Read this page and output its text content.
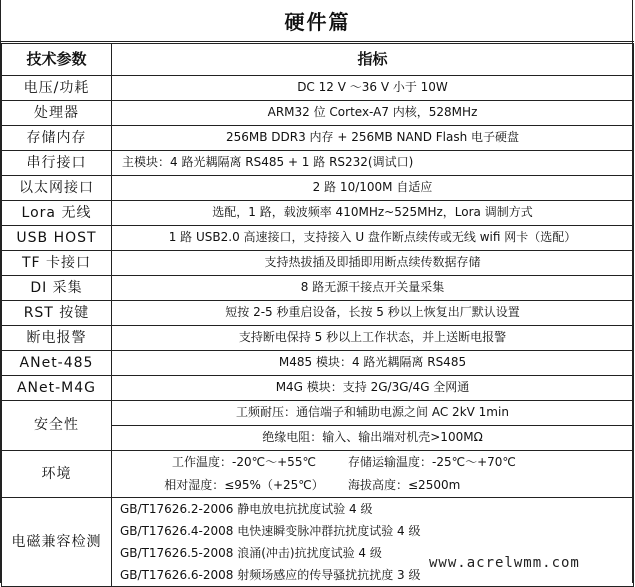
硬件篇
技术参数	指标
电压/功耗	DC 12 V ～36 V 小于 10W
处理器	ARM32 位 Cortex-A7 内核，528MHz
存储内存	256MB DDR3 内存 + 256MB NAND Flash 电子硬盘
串行接口	主模块：4 路光耦隔离 RS485 + 1 路 RS232(调试口)
以太网接口	2 路 10/100M 自适应
Lora 无线	选配，1 路，载波频率 410MHz~525MHz，Lora 调制方式
USB HOST	1 路 USB2.0 高速接口，支持接入 U 盘作断点续传或无线 wifi 网卡（选配）
TF 卡接口	支持热拔插及即插即用断点续传数据存储
DI 采集	8 路无源干接点开关量采集
RST 按键	短按 2-5 秒重启设备，长按 5 秒以上恢复出厂默认设置
断电报警	支持断电保持 5 秒以上工作状态，并上送断电报警
ANet-485	M485 模块：4 路光耦隔离 RS485
ANet-M4G	M4G 模块：支持 2G/3G/4G 全网通
安全性	工频耐压：通信端子和辅助电源之间 AC 2kV 1min
	绝缘电阻：输入、输出端对机壳>100MΩ
环境	工作温度：-20℃～+55℃ 存储运输温度：-25℃～+70℃

	相对湿度：≤95%（+25℃） 海拔高度：≤2500m

电磁兼容检测	GB/T17626.2-2006 静电放电抗扰度试验 4 级
GB/T17626.4-2008 电快速瞬变脉冲群抗扰度试验 4 级
GB/T17626.5-2008 浪涌(冲击)抗扰度试验 4 级
GB/T17626.6-2008 射频场感应的传导骚扰抗扰度 3 级
www.acrelwmm.com
